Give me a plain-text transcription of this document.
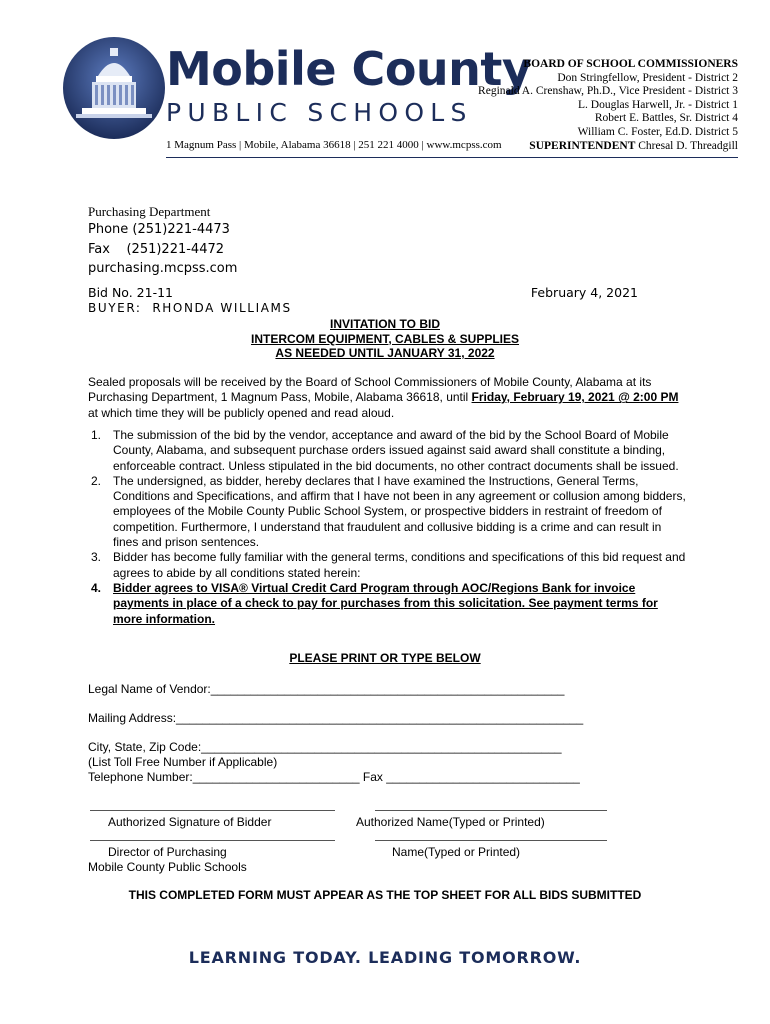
Mobile County
PUBLIC SCHOOLS
1 Magnum Pass | Mobile, Alabama 36618 | 251 221 4000 | www.mcpss.com
BOARD OF SCHOOL COMMISSIONERS
Don Stringfellow, President - District 2
Reginald A. Crenshaw, Ph.D., Vice President - District 3
L. Douglas Harwell, Jr. - District 1
Robert E. Battles, Sr. District 4
William C. Foster, Ed.D. District 5
SUPERINTENDENT Chresal D. Threadgill
Purchasing Department
Phone (251)221-4473
Fax    (251)221-4472
purchasing.mcpss.com
Bid No. 21-11
BUYER:  RHONDA WILLIAMS
February 4, 2021
INVITATION TO BID
INTERCOM EQUIPMENT, CABLES & SUPPLIES
AS NEEDED UNTIL JANUARY 31, 2022
Sealed proposals will be received by the Board of School Commissioners of Mobile County, Alabama at its Purchasing Department, 1 Magnum Pass, Mobile, Alabama 36618, until Friday, February 19, 2021 @ 2:00 PM at which time they will be publicly opened and read aloud.
1. The submission of the bid by the vendor, acceptance and award of the bid by the School Board of Mobile County, Alabama, and subsequent purchase orders issued against said award shall constitute a binding, enforceable contract. Unless stipulated in the bid documents, no other contract documents shall be issued.
2. The undersigned, as bidder, hereby declares that I have examined the Instructions, General Terms, Conditions and Specifications, and affirm that I have not been in any agreement or collusion among bidders, employees of the Mobile County Public School System, or prospective bidders in restraint of freedom of competition. Furthermore, I understand that fraudulent and collusive bidding is a crime and can result in fines and prison sentences.
3. Bidder has become fully familiar with the general terms, conditions and specifications of this bid request and agrees to abide by all conditions stated herein:
4. Bidder agrees to VISA® Virtual Credit Card Program through AOC/Regions Bank for invoice payments in place of a check to pay for purchases from this solicitation. See payment terms for more information.
PLEASE PRINT OR TYPE BELOW
Legal Name of Vendor:_____________________________________________________
Mailing Address:_____________________________________________________________
City, State, Zip Code:______________________________________________________
(List Toll Free Number if Applicable)
Telephone Number:_________________________ Fax _____________________________
Authorized Signature of Bidder	Authorized Name(Typed or Printed)
Director of Purchasing
Mobile County Public Schools
Name(Typed or Printed)
THIS COMPLETED FORM MUST APPEAR AS THE TOP SHEET FOR ALL BIDS SUBMITTED
LEARNING TODAY. LEADING TOMORROW.
